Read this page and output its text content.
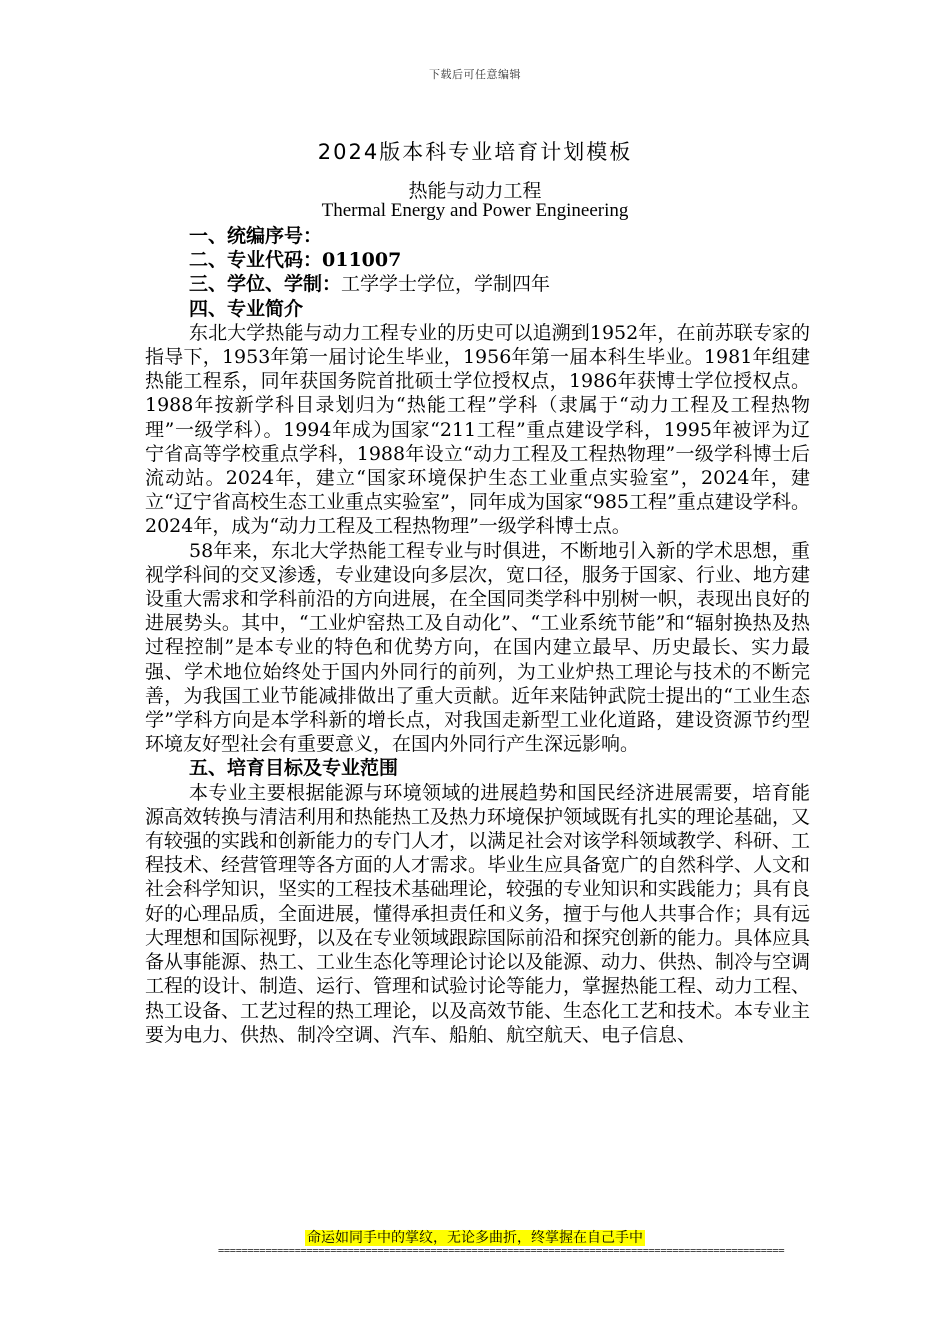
下载后可任意编辑
2024版本科专业培育计划模板
热能与动力工程
Thermal Energy and Power Engineering
一、统编序号：
二、专业代码：011007
三、学位、学制：工学学士学位，学制四年
四、专业简介

东北大学热能与动力工程专业的历史可以追溯到1952年，在前苏联专家的指导下，1953年第一届讨论生毕业，1956年第一届本科生毕业。1981年组建热能工程系，同年获国务院首批硕士学位授权点，1986年获博士学位授权点。1988年按新学科目录划归为“热能工程”学科（隶属于“动力工程及工程热物理”一级学科）。1994年成为国家“211工程”重点建设学科，1995年被评为辽宁省高等学校重点学科，1988年设立“动力工程及工程热物理”一级学科博士后流动站。2024年，建立“国家环境保护生态工业重点实验室”，2024年，建立“辽宁省高校生态工业重点实验室”，同年成为国家“985工程”重点建设学科。2024年，成为“动力工程及工程热物理”一级学科博士点。

58年来，东北大学热能工程专业与时俱进，不断地引入新的学术思想，重视学科间的交叉渗透，专业建设向多层次，宽口径，服务于国家、行业、地方建设重大需求和学科前沿的方向进展，在全国同类学科中别树一帜，表现出良好的进展势头。其中，“工业炉窑热工及自动化”、“工业系统节能”和“辐射换热及热过程控制”是本专业的特色和优势方向，在国内建立最早、历史最长、实力最强、学术地位始终处于国内外同行的前列，为工业炉热工理论与技术的不断完善，为我国工业节能减排做出了重大贡献。近年来陆钟武院士提出的“工业生态学”学科方向是本学科新的增长点，对我国走新型工业化道路，建设资源节约型环境友好型社会有重要意义，在国内外同行产生深远影响。

五、培育目标及专业范围

本专业主要根据能源与环境领域的进展趋势和国民经济进展需要，培育能源高效转换与清洁利用和热能热工及热力环境保护领域既有扎实的理论基础，又有较强的实践和创新能力的专门人才，以满足社会对该学科领域教学、科研、工程技术、经营管理等各方面的人才需求。毕业生应具备宽广的自然科学、人文和社会科学知识，坚实的工程技术基础理论，较强的专业知识和实践能力；具有良好的心理品质，全面进展，懂得承担责任和义务，擅于与他人共事合作；具有远大理想和国际视野，以及在专业领域跟踪国际前沿和探究创新的能力。具体应具备从事能源、热工、工业生态化等理论讨论以及能源、动力、供热、制冷与空调工程的设计、制造、运行、管理和试验讨论等能力，掌握热能工程、动力工程、热工设备、工艺过程的热工理论，以及高效节能、生态化工艺和技术。本专业主要为电力、供热、制冷空调、汽车、船舶、航空航天、电子信息、

命运如同手中的掌纹，无论多曲折，终掌握在自己手中
================================================================================================
